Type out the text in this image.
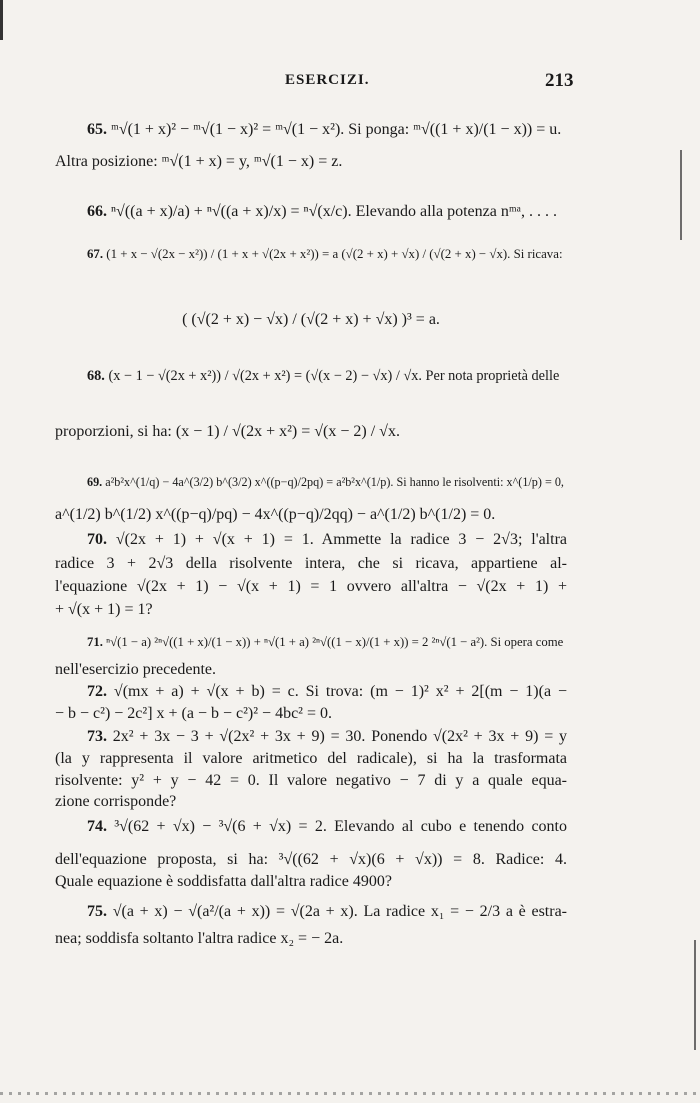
ESERCIZI.	213
65. ᵐ√(1 + x)² − ᵐ√(1 − x)² = ᵐ√(1 − x²). Si ponga: ᵐ√((1 + x)/(1 − x)) = u.
Altra posizione: ᵐ√(1 + x) = y, ᵐ√(1 − x) = z.
66. ⁿ√((a + x)/a) + ⁿ√((a + x)/x) = ⁿ√(x/c). Elevando alla potenza nᵐᵃ, . . . .
67. (1 + x − √(2x − x²)) / (1 + x + √(2x + x²)) = a (√(2 + x) + √x) / (√(2 + x) − √x). Si ricava:
( (√(2 + x) − √x) / (√(2 + x) + √x) )³ = a.
68. (x − 1 − √(2x + x²)) / √(2x + x²) = (√(x − 2) − √x) / √x. Per nota proprietà delle
proporzioni, si ha: (x − 1) / √(2x + x²) = √(x − 2) / √x.
69. a²b²x^(1/q) − 4a^(3/2) b^(3/2) x^((p−q)/2pq) = a²b²x^(1/p). Si hanno le risolventi: x^(1/p) = 0,
a^(1/2) b^(1/2) x^((p−q)/pq) − 4x^((p−q)/2qq) − a^(1/2) b^(1/2) = 0.
70. √(2x + 1) + √(x + 1) = 1. Ammette la radice 3 − 2√3; l'altra
radice 3 + 2√3 della risolvente intera, che si ricava, appartiene al-
l'equazione √(2x + 1) − √(x + 1) = 1 ovvero all'altra − √(2x + 1) +
+ √(x + 1) = 1?
71. ⁿ√(1 − a) ²ⁿ√((1 + x)/(1 − x)) + ⁿ√(1 + a) ²ⁿ√((1 − x)/(1 + x)) = 2 ²ⁿ√(1 − a²). Si opera come
nell'esercizio precedente.
72. √(mx + a) + √(x + b) = c. Si trova: (m − 1)² x² + 2[(m − 1)(a −
− b − c²) − 2c²] x + (a − b − c²)² − 4bc² = 0.
73. 2x² + 3x − 3 + √(2x² + 3x + 9) = 30. Ponendo √(2x² + 3x + 9) = y
(la y rappresenta il valore aritmetico del radicale), si ha la trasformata
risolvente: y² + y − 42 = 0. Il valore negativo − 7 di y a quale equa-
zione corrisponde?
74. ³√(62 + √x) − ³√(6 + √x) = 2. Elevando al cubo e tenendo conto
dell'equazione proposta, si ha: ³√((62 + √x)(6 + √x)) = 8. Radice: 4.
Quale equazione è soddisfatta dall'altra radice 4900?
75. √(a + x) − √(a²/(a + x)) = √(2a + x). La radice x₁ = − 2/3 a è estra-
nea; soddisfa soltanto l'altra radice x₂ = − 2a.
